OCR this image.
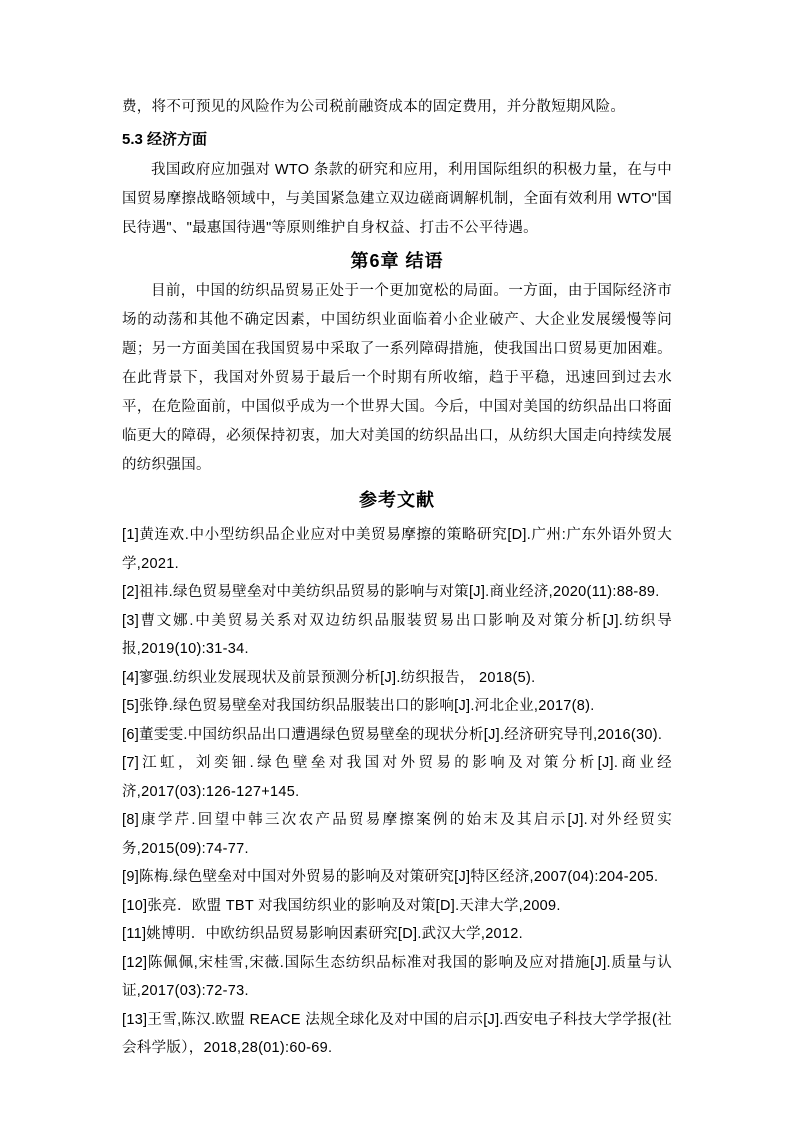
费，将不可预见的风险作为公司税前融资成本的固定费用，并分散短期风险。

5.3 经济方面

我国政府应加强对 WTO 条款的研究和应用，利用国际组织的积极力量，在与中国贸易摩擦战略领域中，与美国紧急建立双边磋商调解机制，全面有效利用 WTO"国民待遇"、"最惠国待遇"等原则维护自身权益、打击不公平待遇。

第6章 结语

目前，中国的纺织品贸易正处于一个更加宽松的局面。一方面，由于国际经济市场的动荡和其他不确定因素，中国纺织业面临着小企业破产、大企业发展缓慢等问题；另一方面美国在我国贸易中采取了一系列障碍措施，使我国出口贸易更加困难。在此背景下，我国对外贸易于最后一个时期有所收缩，趋于平稳，迅速回到过去水平，在危险面前，中国似乎成为一个世界大国。今后，中国对美国的纺织品出口将面临更大的障碍，必须保持初衷，加大对美国的纺织品出口，从纺织大国走向持续发展的纺织强国。

参考文献

[1]黄连欢.中小型纺织品企业应对中美贸易摩擦的策略研究[D].广州:广东外语外贸大学,2021.

[2]祖祎.绿色贸易壁垒对中美纺织品贸易的影响与对策[J].商业经济,2020(11):88-89.

[3]曹文娜.中美贸易关系对双边纺织品服装贸易出口影响及对策分析[J].纺织导报,2019(10):31-34.

[4]寥强.纺织业发展现状及前景预测分析[J].纺织报告， 2018(5).

[5]张铮.绿色贸易壁垒对我国纺织品服装出口的影响[J].河北企业,2017(8).

[6]董雯雯.中国纺织品出口遭遇绿色贸易壁垒的现状分析[J].经济研究导刊,2016(30).

[7]江虹，刘奕钿.绿色壁垒对我国对外贸易的影响及对策分析[J].商业经济,2017(03):126-127+145.

[8]康学芹.回望中韩三次农产品贸易摩擦案例的始末及其启示[J].对外经贸实务,2015(09):74-77.

[9]陈梅.绿色壁垒对中国对外贸易的影响及对策研究[J]特区经济,2007(04):204-205.

[10]张亮．欧盟 TBT 对我国纺织业的影响及对策[D].天津大学,2009.

[11]姚博明．中欧纺织品贸易影响因素研究[D].武汉大学,2012.

[12]陈佩佩,宋桂雪,宋薇.国际生态纺织品标准对我国的影响及应对措施[J].质量与认证,2017(03):72-73.

[13]王雪,陈汉.欧盟 REACE 法规全球化及对中国的启示[J].西安电子科技大学学报(社会科学版），2018,28(01):60-69.
